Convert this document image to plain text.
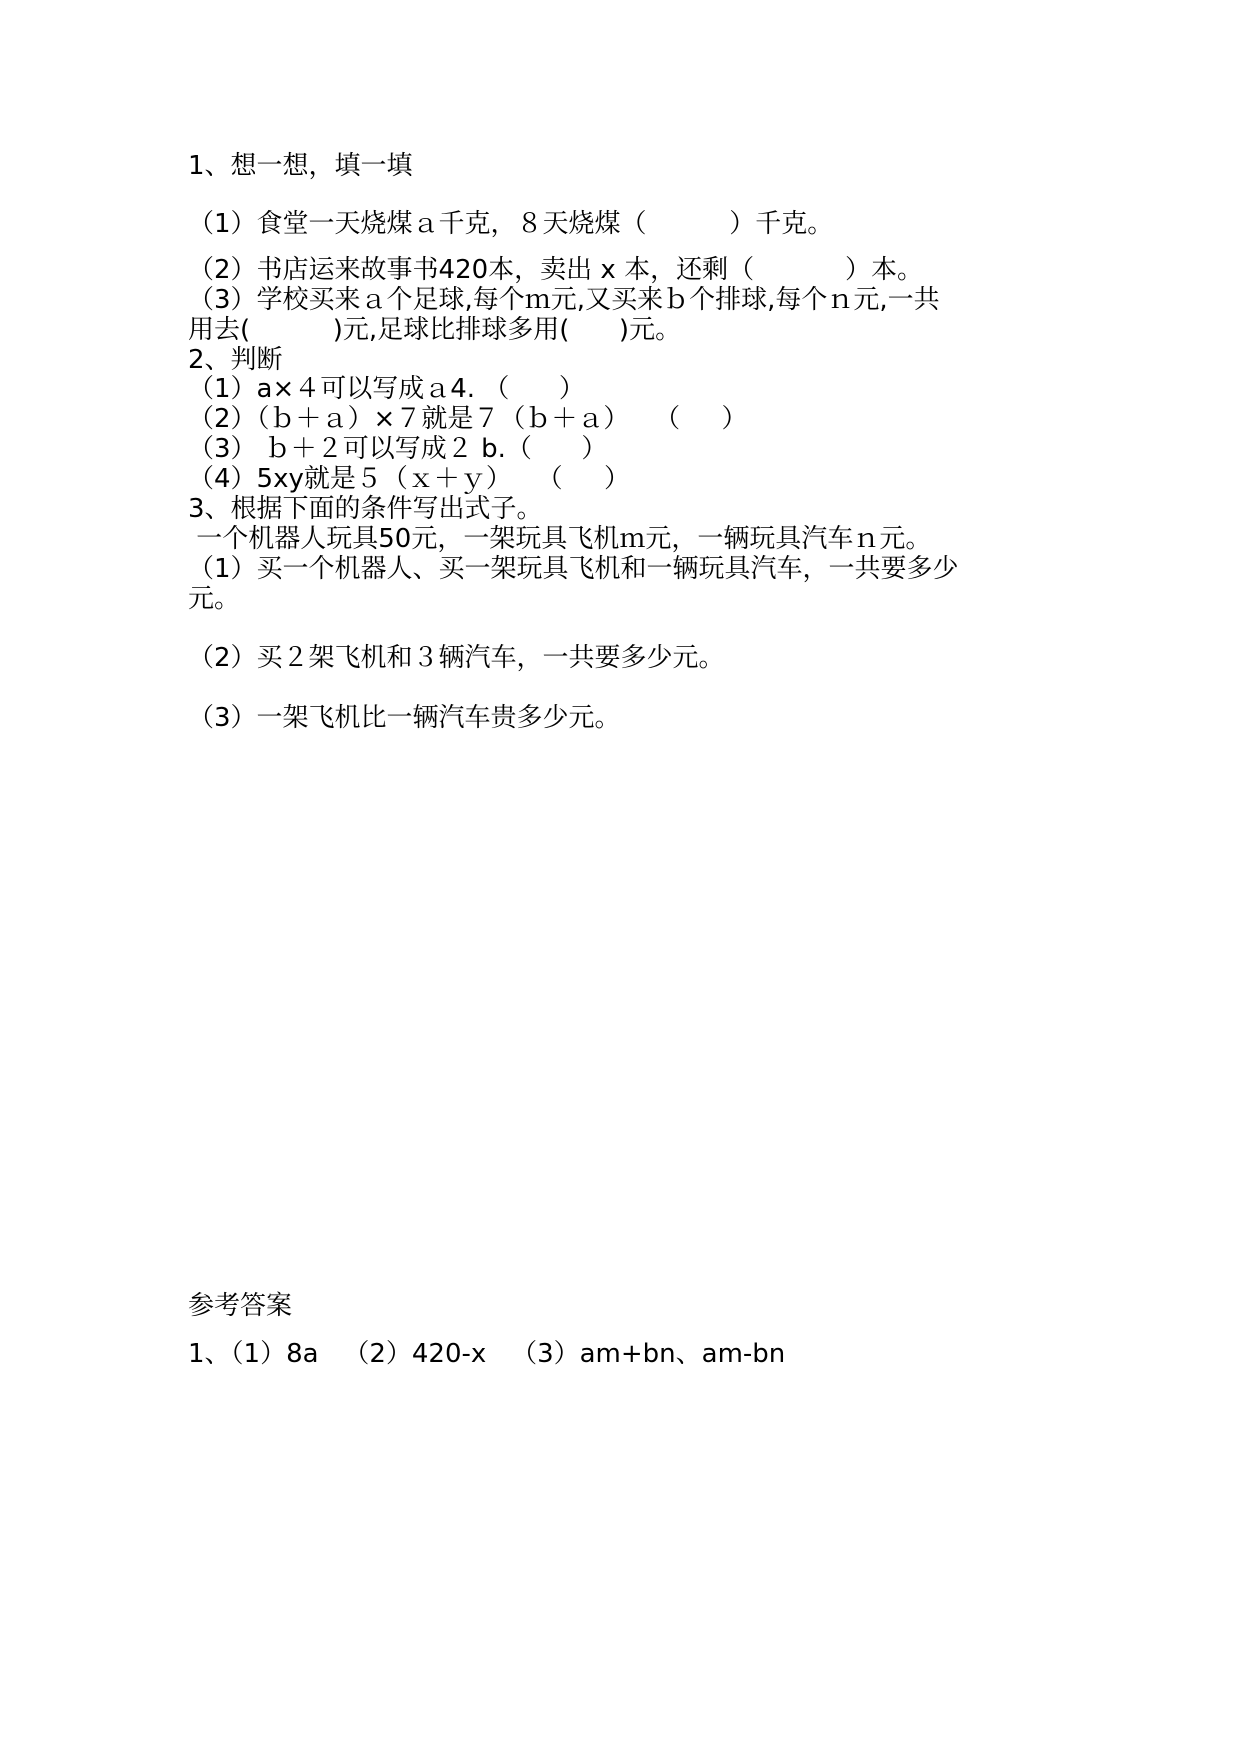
1、想一想，填一填
（1）食堂一天烧煤ａ千克，８天烧煤（          ）千克。
（2）书店运来故事书420本，卖出 x 本，还剩（           ）本。
（3）学校买来ａ个足球,每个ｍ元,又买来ｂ个排球,每个ｎ元,一共
用去(          )元,足球比排球多用(      )元。
2、判断
（1）a×４可以写成ａ4. （      ）
（2）（ｂ＋ａ）×７就是７（ｂ＋ａ）   （     ）
（3） ｂ＋２可以写成２ b.（      ）
（4）5xy就是５（ｘ＋ｙ）   （     ）
3、根据下面的条件写出式子。
一个机器人玩具50元，一架玩具飞机ｍ元，一辆玩具汽车ｎ元。
（1）买一个机器人、买一架玩具飞机和一辆玩具汽车，一共要多少
元。
（2）买２架飞机和３辆汽车，一共要多少元。
（3）一架飞机比一辆汽车贵多少元。
参考答案
1、（1）8a   （2）420-x   （3）am+bn、am-bn
